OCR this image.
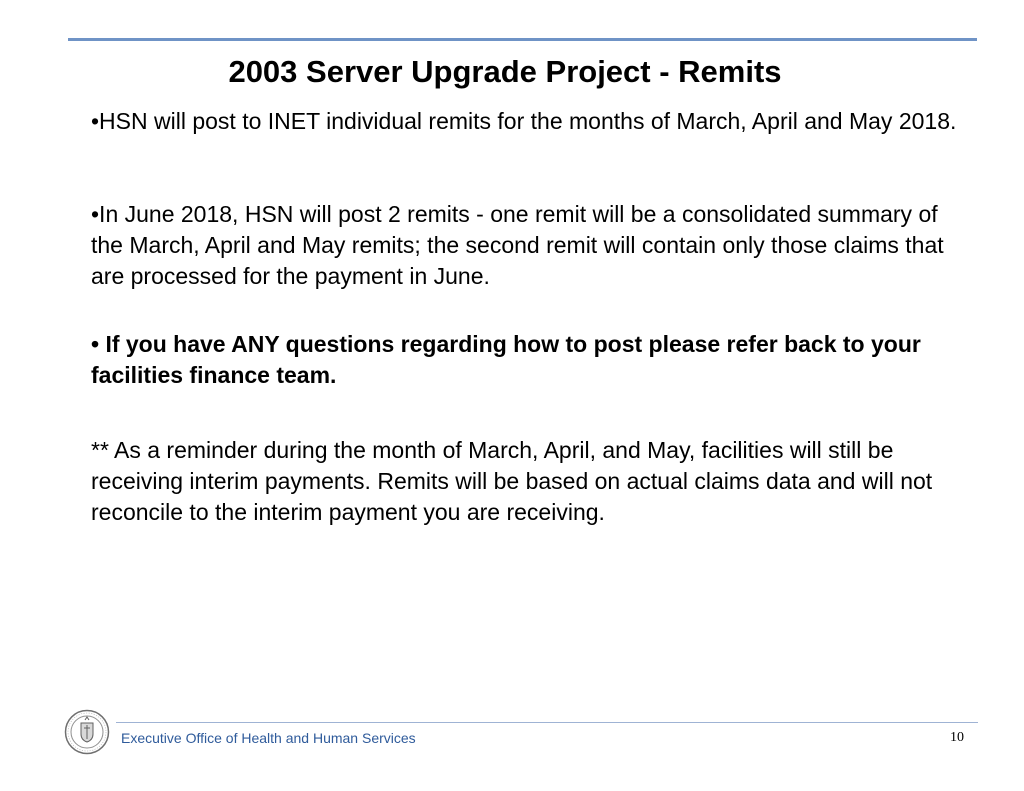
2003 Server Upgrade Project - Remits

•HSN will post to INET individual remits for the months of March, April and May 2018.

•In June 2018, HSN will post 2 remits - one remit will be a consolidated summary of the March, April and May remits; the second remit will contain only those claims that are processed for the payment in June.

• If you have ANY questions regarding how to post please refer back to your facilities finance team.

** As a reminder during the month of March, April, and May, facilities will still be receiving interim payments. Remits will be based on actual claims data and will not reconcile to the interim payment you are receiving.

Executive Office of Health and Human Services	10
